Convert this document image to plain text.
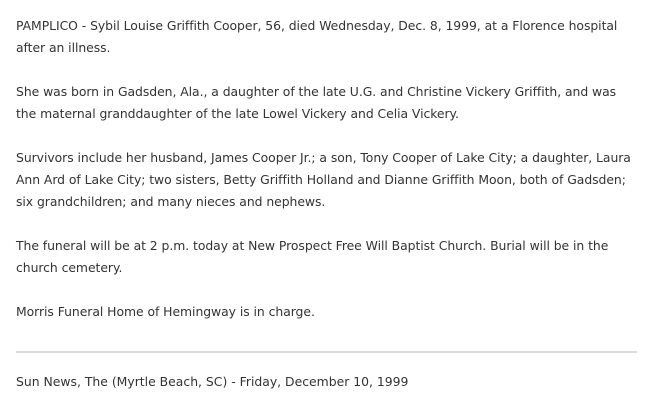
PAMPLICO - Sybil Louise Griffith Cooper, 56, died Wednesday, Dec. 8, 1999, at a Florence hospital after an illness.

She was born in Gadsden, Ala., a daughter of the late U.G. and Christine Vickery Griffith, and was the maternal granddaughter of the late Lowel Vickery and Celia Vickery.

Survivors include her husband, James Cooper Jr.; a son, Tony Cooper of Lake City; a daughter, Laura Ann Ard of Lake City; two sisters, Betty Griffith Holland and Dianne Griffith Moon, both of Gadsden; six grandchildren; and many nieces and nephews.

The funeral will be at 2 p.m. today at New Prospect Free Will Baptist Church. Burial will be in the church cemetery.

Morris Funeral Home of Hemingway is in charge.

Sun News, The (Myrtle Beach, SC) - Friday, December 10, 1999
